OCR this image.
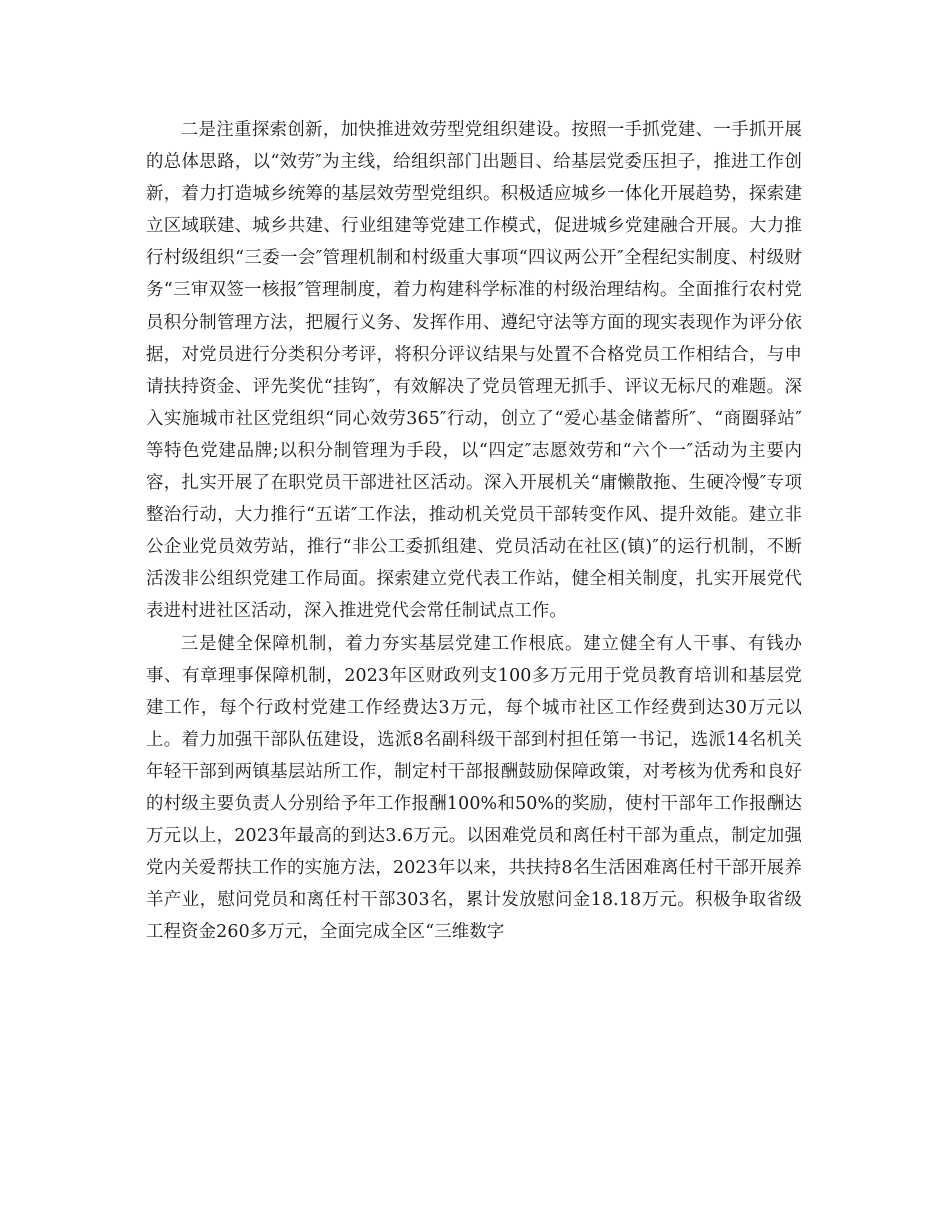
二是注重探索创新，加快推进效劳型党组织建设。按照一手抓党建、一手抓开展的总体思路，以“效劳″为主线，给组织部门出题目、给基层党委压担子，推进工作创新，着力打造城乡统筹的基层效劳型党组织。积极适应城乡一体化开展趋势，探索建立区域联建、城乡共建、行业组建等党建工作模式，促进城乡党建融合开展。大力推行村级组织“三委一会″管理机制和村级重大事项“四议两公开″全程纪实制度、村级财务“三审双签一核报″管理制度，着力构建科学标准的村级治理结构。全面推行农村党员积分制管理方法，把履行义务、发挥作用、遵纪守法等方面的现实表现作为评分依据，对党员进行分类积分考评，将积分评议结果与处置不合格党员工作相结合，与申请扶持资金、评先奖优“挂钩″，有效解决了党员管理无抓手、评议无标尺的难题。深入实施城市社区党组织“同心效劳365″行动，创立了“爱心基金储蓄所″、“商圈驿站″等特色党建品牌;以积分制管理为手段，以“四定″志愿效劳和“六个一″活动为主要内容，扎实开展了在职党员干部进社区活动。深入开展机关“庸懒散拖、生硬冷慢″专项整治行动，大力推行“五诺″工作法，推动机关党员干部转变作风、提升效能。建立非公企业党员效劳站，推行“非公工委抓组建、党员活动在社区(镇)″的运行机制，不断活泼非公组织党建工作局面。探索建立党代表工作站，健全相关制度，扎实开展党代表进村进社区活动，深入推进党代会常任制试点工作。

三是健全保障机制，着力夯实基层党建工作根底。建立健全有人干事、有钱办事、有章理事保障机制，2023年区财政列支100多万元用于党员教育培训和基层党建工作，每个行政村党建工作经费达3万元，每个城市社区工作经费到达30万元以上。着力加强干部队伍建设，选派8名副科级干部到村担任第一书记，选派14名机关年轻干部到两镇基层站所工作，制定村干部报酬鼓励保障政策，对考核为优秀和良好的村级主要负责人分别给予年工作报酬100%和50%的奖励，使村干部年工作报酬达万元以上，2023年最高的到达3.6万元。以困难党员和离任村干部为重点，制定加强党内关爱帮扶工作的实施方法，2023年以来，共扶持8名生活困难离任村干部开展养羊产业，慰问党员和离任村干部303名，累计发放慰问金18.18万元。积极争取省级工程资金260多万元，全面完成全区“三维数字
